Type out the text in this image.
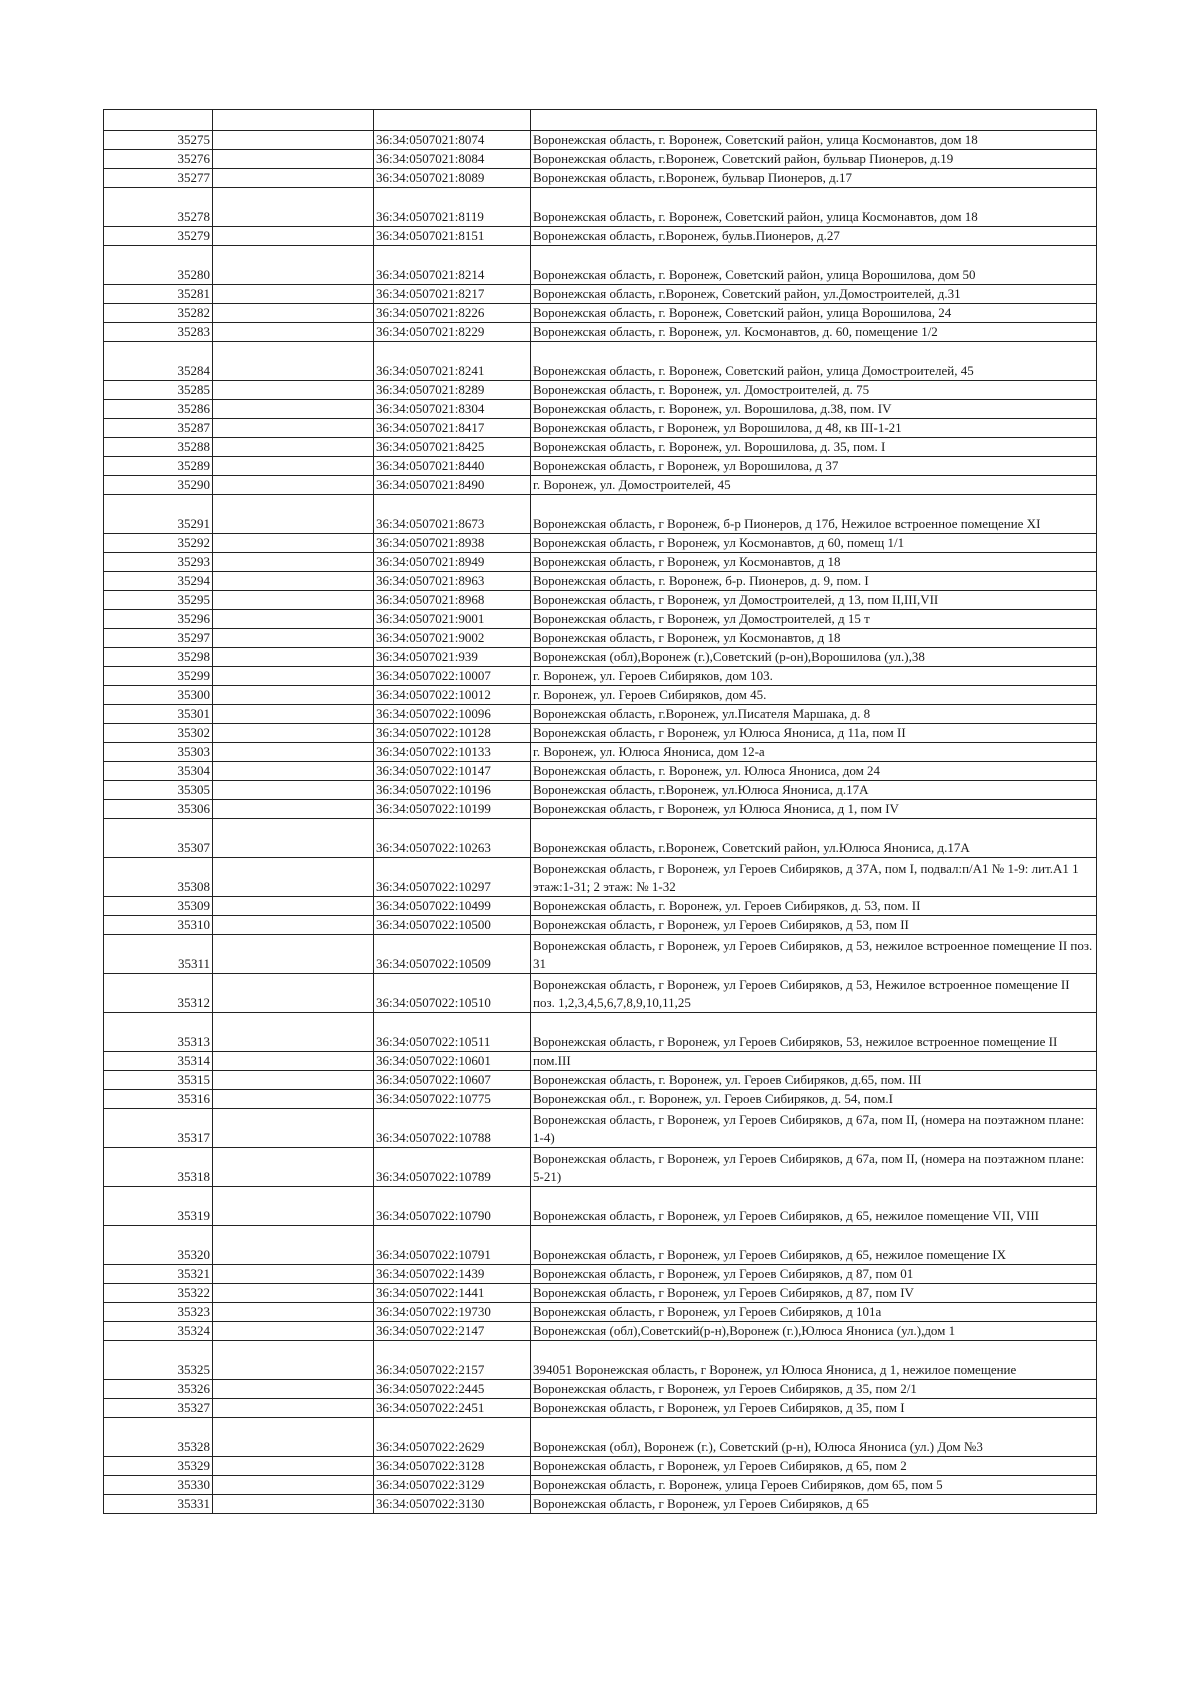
35275		36:34:0507021:8074	Воронежская область, г. Воронеж, Советский район, улица Космонавтов, дом 18
35276		36:34:0507021:8084	Воронежская область, г.Воронеж, Советский район, бульвар Пионеров, д.19
35277		36:34:0507021:8089	Воронежская область, г.Воронеж, бульвар Пионеров, д.17
35278		36:34:0507021:8119	Воронежская область, г. Воронеж, Советский район, улица Космонавтов, дом 18
35279		36:34:0507021:8151	Воронежская область, г.Воронеж, бульв.Пионеров, д.27
35280		36:34:0507021:8214	Воронежская область, г. Воронеж, Советский район, улица Ворошилова, дом 50
35281		36:34:0507021:8217	Воронежская область, г.Воронеж, Советский район, ул.Домостроителей, д.31
35282		36:34:0507021:8226	Воронежская область, г. Воронеж, Советский район, улица Ворошилова, 24
35283		36:34:0507021:8229	Воронежская область, г. Воронеж, ул. Космонавтов, д. 60, помещение 1/2
35284		36:34:0507021:8241	Воронежская область, г. Воронеж, Советский район, улица Домостроителей, 45
35285		36:34:0507021:8289	Воронежская область, г. Воронеж, ул. Домостроителей, д. 75
35286		36:34:0507021:8304	Воронежская область, г. Воронеж, ул. Ворошилова, д.38, пом. IV
35287		36:34:0507021:8417	Воронежская область, г Воронеж, ул Ворошилова, д 48, кв III-1-21
35288		36:34:0507021:8425	Воронежская область, г. Воронеж, ул. Ворошилова, д. 35, пом. I
35289		36:34:0507021:8440	Воронежская область, г Воронеж, ул Ворошилова, д 37
35290		36:34:0507021:8490	г. Воронеж, ул. Домостроителей, 45
35291		36:34:0507021:8673	Воронежская область, г Воронеж, б-р Пионеров, д 17б, Нежилое встроенное помещение XI
35292		36:34:0507021:8938	Воронежская область, г Воронеж, ул Космонавтов, д 60, помещ 1/1
35293		36:34:0507021:8949	Воронежская область, г Воронеж, ул Космонавтов, д 18
35294		36:34:0507021:8963	Воронежская область, г. Воронеж, б-р. Пионеров, д. 9, пом. I
35295		36:34:0507021:8968	Воронежская область, г Воронеж, ул Домостроителей, д 13, пом II,III,VII
35296		36:34:0507021:9001	Воронежская область, г Воронеж, ул Домостроителей, д 15 т
35297		36:34:0507021:9002	Воронежская область, г Воронеж, ул Космонавтов, д 18
35298		36:34:0507021:939	Воронежская (обл),Воронеж (г.),Советский (р-он),Ворошилова (ул.),38
35299		36:34:0507022:10007	г. Воронеж, ул. Героев Сибиряков, дом 103.
35300		36:34:0507022:10012	г. Воронеж, ул. Героев Сибиряков, дом 45.
35301		36:34:0507022:10096	Воронежская область, г.Воронеж, ул.Писателя Маршака, д. 8
35302		36:34:0507022:10128	Воронежская область, г Воронеж, ул Юлюса Янониса, д 11а, пом II
35303		36:34:0507022:10133	г. Воронеж, ул. Юлюса Янониса, дом 12-а
35304		36:34:0507022:10147	Воронежская область, г. Воронеж, ул. Юлюса Янониса, дом 24
35305		36:34:0507022:10196	Воронежская область, г.Воронеж, ул.Юлюса Янониса, д.17А
35306		36:34:0507022:10199	Воронежская область, г Воронеж, ул Юлюса Янониса, д 1, пом IV
35307		36:34:0507022:10263	Воронежская область, г.Воронеж, Советский район, ул.Юлюса Янониса, д.17А
35308		36:34:0507022:10297	Воронежская область, г Воронеж, ул Героев Сибиряков, д 37А, пом I, подвал:п/А1 № 1-9: лит.А1 1 этаж:1-31; 2 этаж: № 1-32
35309		36:34:0507022:10499	Воронежская область, г. Воронеж, ул. Героев Сибиряков, д. 53, пом. II
35310		36:34:0507022:10500	Воронежская область, г Воронеж, ул Героев Сибиряков, д 53, пом II
35311		36:34:0507022:10509	Воронежская область, г Воронеж, ул Героев Сибиряков, д 53, нежилое встроенное помещение II поз. 31
35312		36:34:0507022:10510	Воронежская область, г Воронеж, ул Героев Сибиряков, д 53, Нежилое встроенное помещение II поз. 1,2,3,4,5,6,7,8,9,10,11,25
35313		36:34:0507022:10511	Воронежская область, г Воронеж, ул Героев Сибиряков, 53, нежилое встроенное помещение II
35314		36:34:0507022:10601	пом.III
35315		36:34:0507022:10607	Воронежская область, г. Воронеж, ул. Героев Сибиряков, д.65, пом. III
35316		36:34:0507022:10775	Воронежская обл., г. Воронеж, ул. Героев Сибиряков, д. 54, пом.I
35317		36:34:0507022:10788	Воронежская область, г Воронеж, ул Героев Сибиряков, д 67а, пом II, (номера на поэтажном плане: 1-4)
35318		36:34:0507022:10789	Воронежская область, г Воронеж, ул Героев Сибиряков, д 67а, пом II, (номера на поэтажном плане: 5-21)
35319		36:34:0507022:10790	Воронежская область, г Воронеж, ул Героев Сибиряков, д 65, нежилое помещение VII, VIII
35320		36:34:0507022:10791	Воронежская область, г Воронеж, ул Героев Сибиряков, д 65, нежилое помещение IX
35321		36:34:0507022:1439	Воронежская область, г Воронеж, ул Героев Сибиряков, д 87, пом 01
35322		36:34:0507022:1441	Воронежская область, г Воронеж, ул Героев Сибиряков, д 87, пом IV
35323		36:34:0507022:19730	Воронежская область, г Воронеж, ул Героев Сибиряков, д 101а
35324		36:34:0507022:2147	Воронежская (обл),Советский(р-н),Воронеж (г.),Юлюса Янониса (ул.),дом 1
35325		36:34:0507022:2157	394051 Воронежская область, г Воронеж, ул Юлюса Янониса, д 1, нежилое помещение
35326		36:34:0507022:2445	Воронежская область, г Воронеж, ул Героев Сибиряков, д 35, пом 2/1
35327		36:34:0507022:2451	Воронежская область, г Воронеж, ул Героев Сибиряков, д 35, пом I
35328		36:34:0507022:2629	Воронежская (обл), Воронеж (г.), Советский (р-н), Юлюса Янониса (ул.) Дом №3
35329		36:34:0507022:3128	Воронежская область, г Воронеж, ул Героев Сибиряков, д 65, пом 2
35330		36:34:0507022:3129	Воронежская область, г. Воронеж, улица Героев Сибиряков, дом 65, пом 5
35331		36:34:0507022:3130	Воронежская область, г Воронеж, ул Героев Сибиряков, д 65
